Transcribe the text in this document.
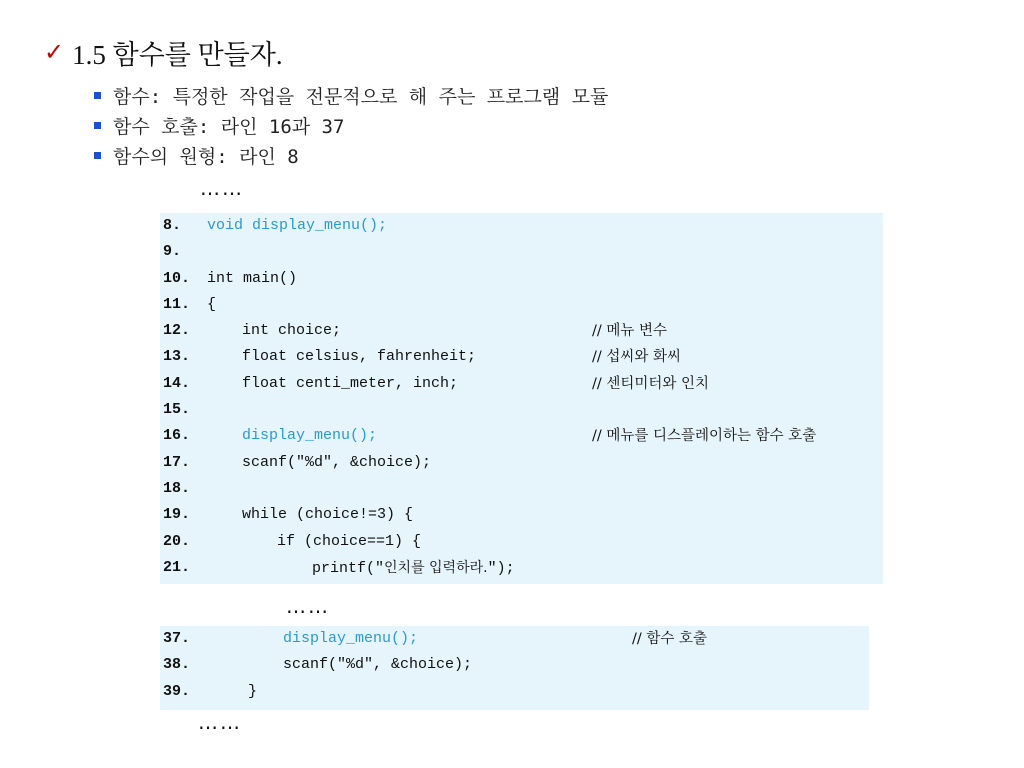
✓ 1.5 함수를 만들자.
함수: 특정한 작업을 전문적으로 해 주는 프로그램 모듈
함수 호출: 라인 16과 37
함수의 원형: 라인 8
……
8. void display_menu();
9.
10. int main()
11. {
12.	int choice;	// 메뉴 변수
13.	float celsius, fahrenheit;	// 섭씨와 화씨
14.	float centi_meter, inch;	// 센티미터와 인치
15.
16.	display_menu();	// 메뉴를 디스플레이하는 함수 호출
17.	scanf("%d", &choice);
18.
19.	while (choice!=3) {
20.	if (choice==1) {
21.	printf("인치를 입력하라.");
……
37.	display_menu();	// 함수 호출
38.	scanf("%d", &choice);
39.	}
……
